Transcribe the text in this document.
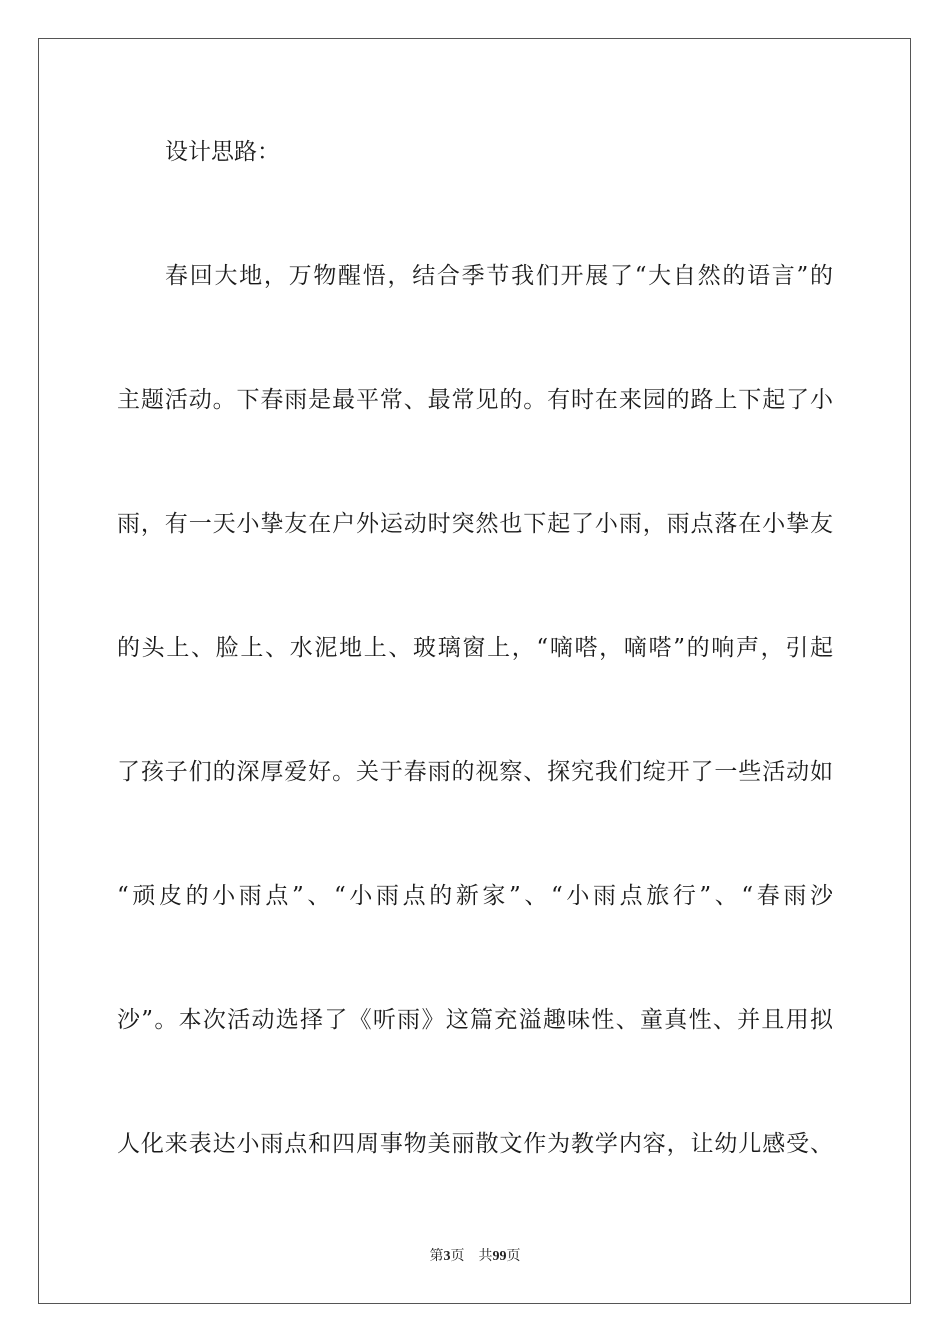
设计思路：
春回大地，万物醒悟，结合季节我们开展了“大自然的语言”的
主题活动。下春雨是最平常、最常见的。有时在来园的路上下起了小
雨，有一天小挚友在户外运动时突然也下起了小雨，雨点落在小挚友
的头上、脸上、水泥地上、玻璃窗上，“嘀嗒，嘀嗒”的响声，引起
了孩子们的深厚爱好。关于春雨的视察、探究我们绽开了一些活动如
“顽皮的小雨点”、“小雨点的新家”、“小雨点旅行”、“春雨沙
沙”。本次活动选择了《听雨》这篇充溢趣味性、童真性、并且用拟
人化来表达小雨点和四周事物美丽散文作为教学内容，让幼儿感受、
第3页 共99页
